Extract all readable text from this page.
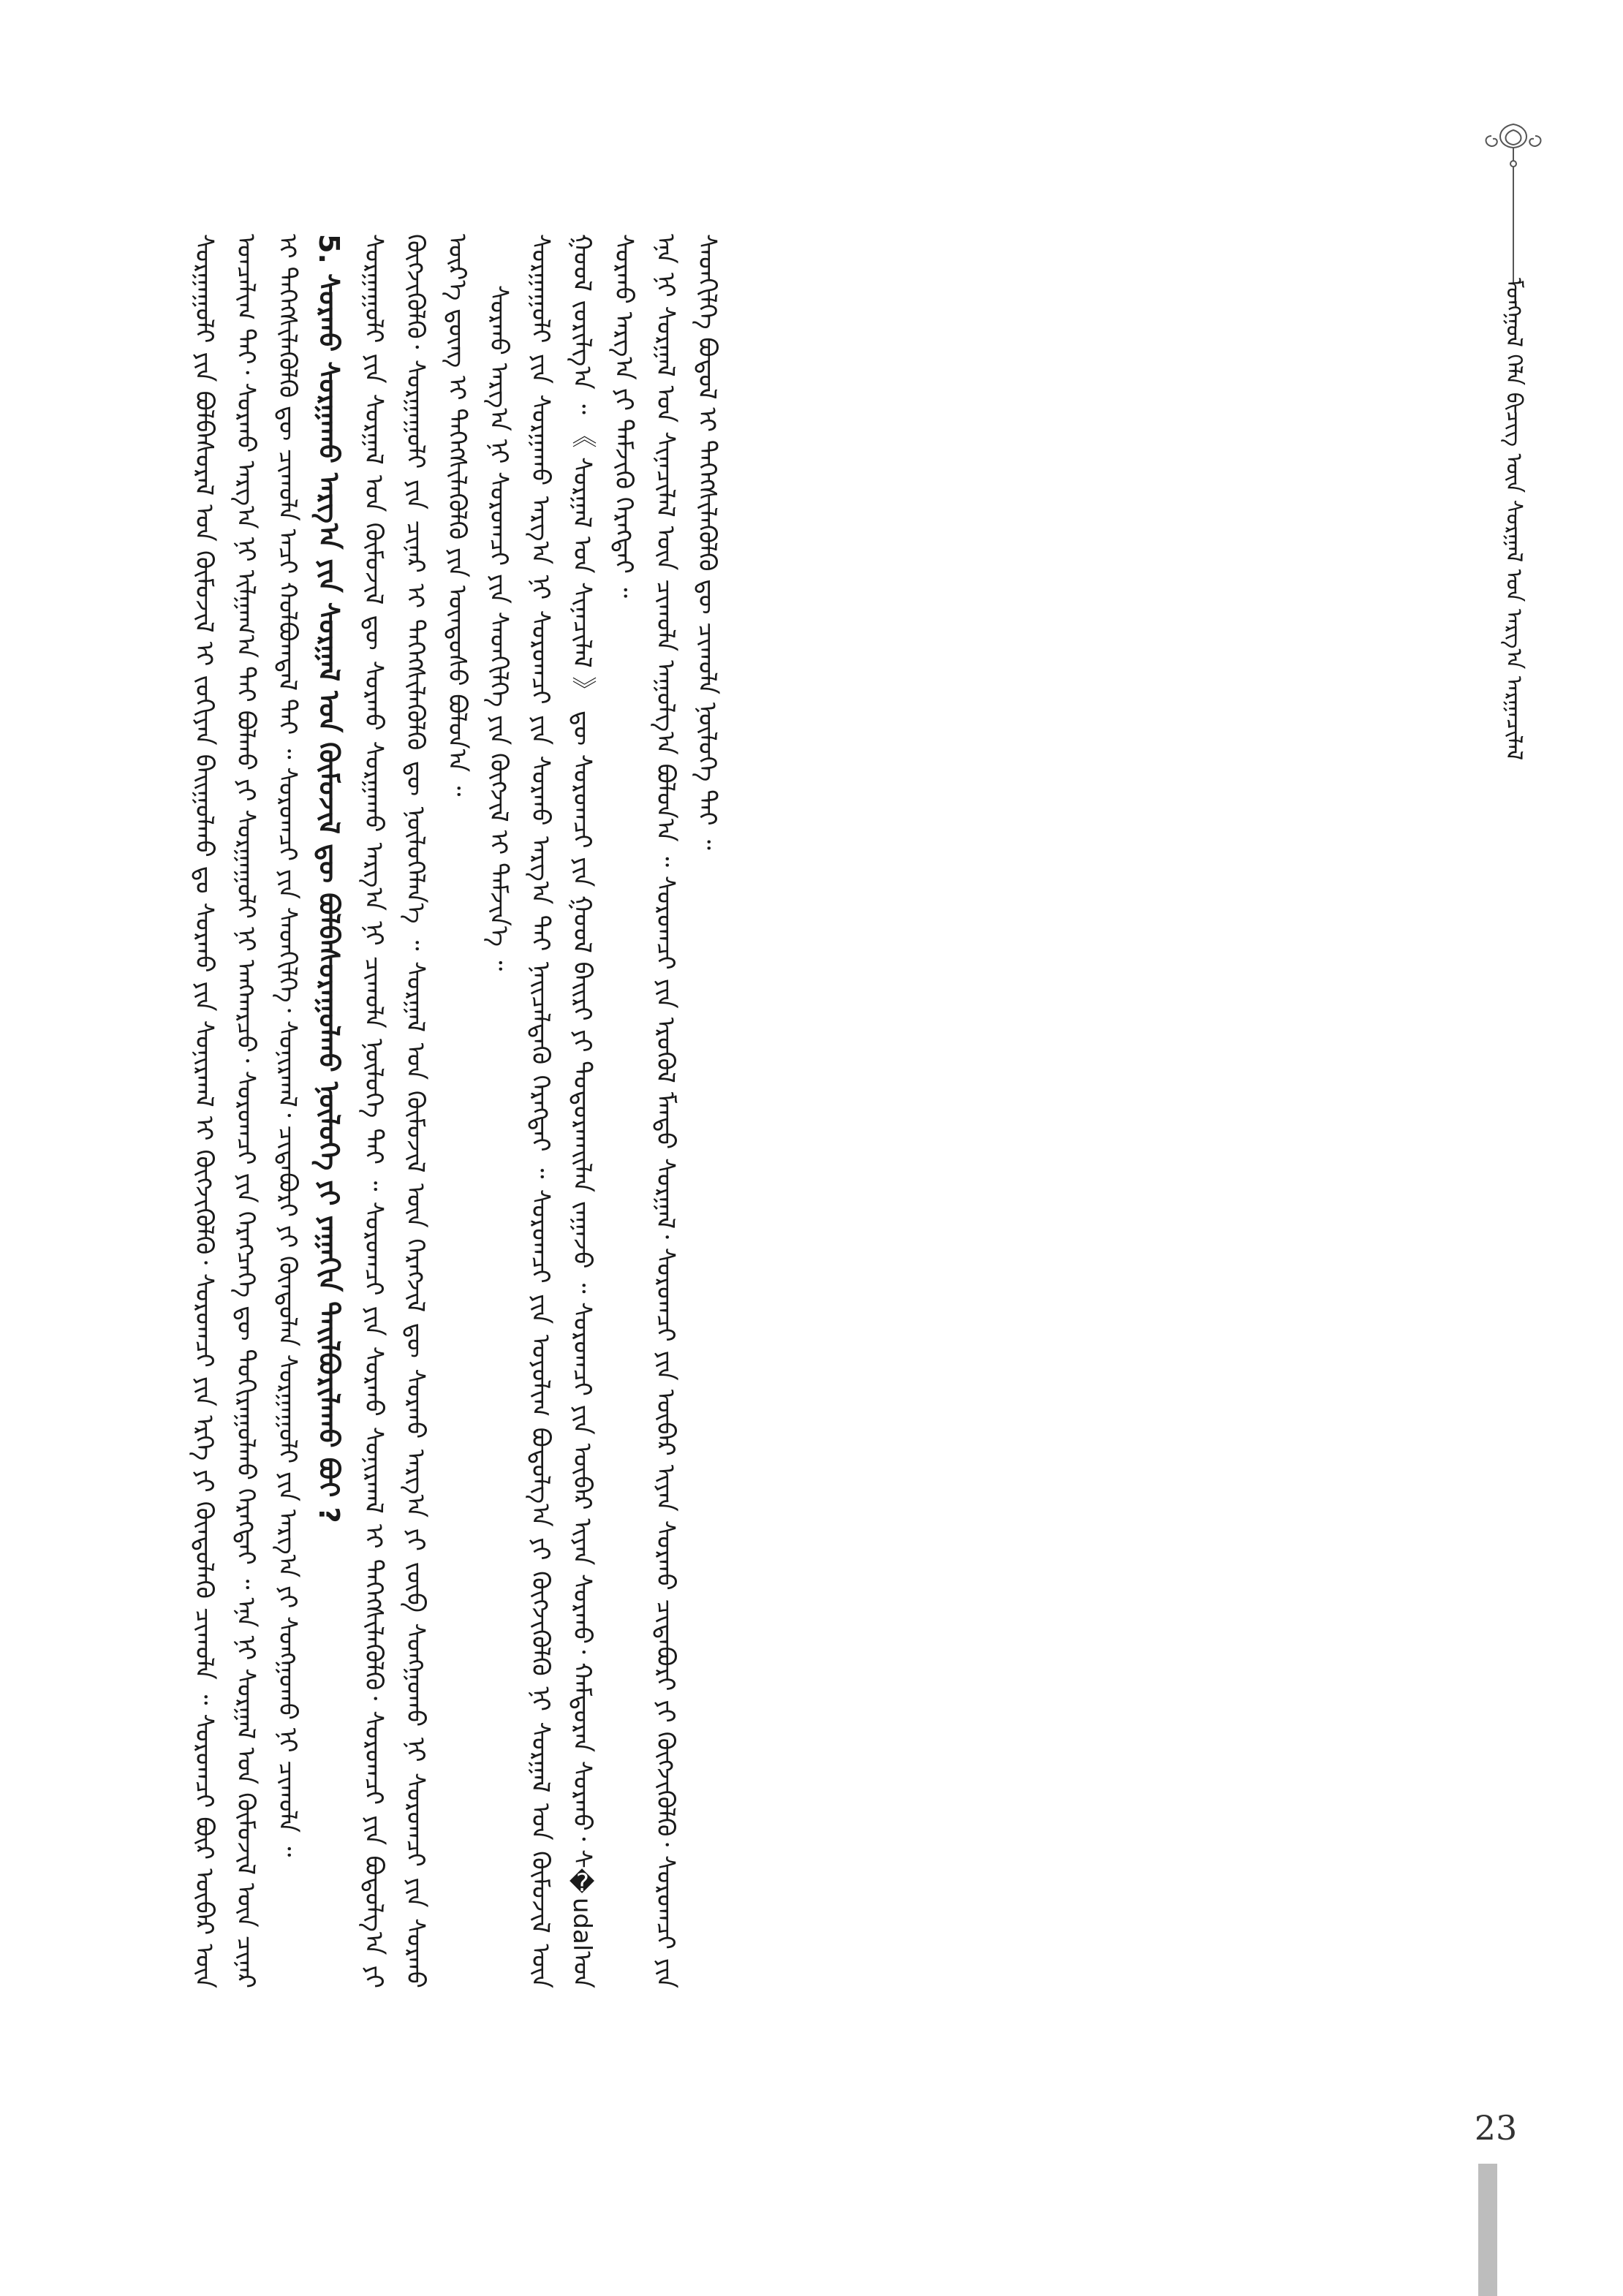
ᠮᠣᠩᠭᠣᠯ ᠬᠡᠯᠡ ᠪᠢᠴᠢᠭ ᠦᠨ ᠰᠤᠷᠭᠠᠯ ᠤᠨ ᠠᠷᠭ᠎ᠠ ᠠᠷᠭᠠᠴᠢᠯᠠᠯ

ᠰᠤᠷᠭᠠᠭᠤᠯᠢ ᠶᠢᠨ ᠪᠣᠯᠪᠠᠰᠤᠷᠠᠯ ᠤᠨ ᠬᠦᠮᠦᠵᠢᠯ ᠢ ᠵᠣᠬᠢᠶᠠᠨ ᠪᠠᠢᠭᠤᠯᠬᠤ ᠳᠤ ᠰᠤᠷᠬᠤ ᠶᠢᠨ ᠰᠣᠨᠢᠷᠬᠠᠯ ᠢ ᠬᠥᠭᠵᠢᠭᠦᠯᠬᠦ᠂ ᠰᠤᠷᠤᠭᠴᠢ ᠶᠢᠨ ᠡᠷᠬᠡ ᠶᠢ ᠬᠦᠨᠳᠦᠯᠡᠬᠦ ᠴᠢᠬᠤᠯᠠ ᠃ ᠰᠤᠷᠤᠭᠴᠢ ᠪᠦᠷ ᠥᠪᠡᠷ ᠦᠨ ᠣᠨᠴᠠᠯᠢᠭ ᠲᠠᠢ᠂ ᠰᠤᠷᠬᠤ ᠠᠷᠭ᠎ᠠ ᠨᠢ ᠢᠯᠭᠠᠭ᠎ᠠ ᠲᠠᠢ ᠪᠣᠯᠬᠤ ᠶᠢ ᠰᠤᠷᠭᠠᠭᠤᠯᠢ ᠨᠢ ᠠᠩᠬᠠᠷᠴᠤ᠂ ᠰᠤᠷᠤᠭᠴᠢ ᠶᠢᠨ ᠬᠡᠷᠡᠭᠴᠡᠭᠡ ᠳᠦ ᠲᠣᠬᠢᠷᠠᠭᠤᠯᠬᠤ ᠬᠡᠷᠡᠭᠲᠡᠢ ᠃ ᠡᠨᠡ ᠨᠢ ᠰᠤᠷᠭᠠᠯ ᠤᠨ ᠬᠦᠮᠦᠵᠢᠯ ᠦᠨ ᠴᠢᠨᠠᠷ ᠢ ᠳᠡᠭᠡᠭᠰᠢᠯᠡᠭᠦᠯᠬᠦ ᠳᠦ ᠴᠢᠬᠤᠯᠠ ᠠᠴᠢ ᠬᠣᠯᠪᠣᠭᠳᠠᠯ ᠲᠠᠢ ᠃ ᠰᠤᠷᠤᠭᠴᠢ ᠶᠢᠨ ᠰᠡᠳᠬᠢᠯᠭᠡ᠂ ᠰᠣᠨᠢᠷᠬᠠᠯ᠂ ᠴᠢᠳᠠᠪᠤᠷᠢ ᠶᠢ ᠬᠦᠨᠳᠦᠯᠡᠨ ᠰᠤᠷᠭᠠᠭᠤᠯᠢ ᠶᠢᠨ ᠠᠷᠭ᠎ᠠ ᠶᠢ ᠰᠣᠩᠭᠣᠬᠤ ᠨᠢ ᠴᠢᠬᠤᠯᠠ ᠃ 5. ᠰᠤᠷᠬᠤ ᠰᠤᠷᠭᠠᠬᠤ ᠠᠷᠭ᠎ᠠ ᠶᠢᠨ ᠰᠤᠷᠭᠠᠯ ᠤᠨ ᠬᠦᠮᠦᠵᠢᠯ ᠳᠦ ᠪᠣᠯᠪᠠᠰᠤᠷᠠᠭᠤᠯᠬᠤ ᠨᠥᠯᠥᠭᠡ ᠶᠢ ᠶᠠᠭᠠᠬᠢᠨ ᠲᠠᠢᠯᠪᠤᠷᠢᠯᠠᠬᠤ ᠪᠤᠢ ? ᠰᠤᠷᠭᠠᠭᠤᠯᠢ ᠶᠢᠨ ᠰᠤᠷᠭᠠᠯ ᠤᠨ ᠬᠦᠮᠦᠵᠢᠯ ᠳᠦ ᠰᠤᠷᠬᠤ ᠰᠤᠷᠭᠠᠬᠤ ᠠᠷᠭ᠎ᠠ ᠨᠢ ᠴᠢᠬᠤᠯᠠ ᠨᠥᠯᠥᠭᠡ ᠲᠠᠢ ᠃ ᠰᠤᠷᠤᠭᠴᠢ ᠶᠢᠨ ᠰᠤᠷᠬᠤ ᠰᠣᠨᠢᠷᠬᠠᠯ ᠢ ᠳᠡᠭᠡᠭᠰᠢᠯᠡᠭᠦᠯᠬᠦ᠂ ᠰᠤᠷᠤᠭᠴᠢ ᠶᠢᠨ ᠪᠣᠳᠤᠯᠭ᠎ᠠ ᠶᠢ ᠬᠥᠭᠵᠢᠭᠦᠯᠬᠦ᠂ ᠰᠤᠷᠭᠠᠭᠤᠯᠢ ᠶᠢᠨ ᠴᠢᠨᠠᠷ ᠢ ᠳᠡᠭᠡᠭᠰᠢᠯᠡᠭᠦᠯᠬᠦ ᠳᠦ ᠨᠥᠯᠥᠭᠡᠯᠡᠨ᠎ᠡ ᠃ ᠰᠤᠷᠭᠠᠯ ᠤᠨ ᠬᠦᠮᠦᠵᠢᠯ ᠦᠨ ᠬᠡᠷᠡᠭᠵᠢᠯ ᠳᠦ ᠰᠤᠷᠬᠤ ᠠᠷᠭ᠎ᠠ ᠶᠢ ᠵᠥᠪ ᠰᠣᠩᠭᠣᠬᠤ ᠨᠢ ᠰᠤᠷᠤᠭᠴᠢ ᠶᠢᠨ ᠰᠤᠷᠬᠤ ᠦᠷ᠎ᠡ ᠳ᠋ᠦᠩ ᠢ ᠳᠡᠭᠡᠭᠰᠢᠯᠡᠭᠦᠯᠬᠦ ᠶᠢᠨ ᠦᠨᠳᠦᠰᠦ ᠪᠣᠯᠤᠨ᠎ᠠ ᠃ ᠰᠤᠷᠬᠤ ᠠᠷᠭ᠎ᠠ ᠨᠢ ᠰᠤᠷᠤᠭᠴᠢ ᠶᠢᠨ ᠰᠡᠳᠬᠢᠯᠭᠡ ᠶᠢᠨ ᠬᠥᠭᠵᠢᠯ ᠢ ᠳᠡᠮᠵᠢᠨ᠎ᠡ ᠃ ᠰᠤᠷᠭᠠᠭᠤᠯᠢ ᠶᠢᠨ ᠰᠤᠷᠭᠠᠬᠤ ᠠᠷᠭ᠎ᠠ ᠨᠢ ᠰᠤᠷᠤᠭᠴᠢ ᠶᠢᠨ ᠰᠤᠷᠬᠤ ᠠᠷᠭ᠎ᠠ ᠲᠠᠢ ᠨᠡᠢᠴᠡᠯᠳᠡᠬᠦ ᠬᠡᠷᠡᠭᠲᠡᠢ ᠃ ᠰᠤᠷᠤᠭᠴᠢ ᠶᠢᠨ ᠤᠶᠤᠯᠢᠭ ᠪᠣᠳᠤᠯᠭ᠎ᠠ ᠶᠢ ᠬᠥᠭᠵᠢᠭᠦᠯᠬᠦ ᠨᠢ ᠰᠤᠷᠭᠠᠯ ᠤᠨ ᠬᠦᠮᠦᠵᠢᠯ ᠦᠨ ᠭᠣᠣᠯ ᠵᠣᠷᠢᠯᠭ᠎ᠠ ᠃ 《 ᠰᠤᠷᠭᠠᠯ ᠤᠨ ᠰᠢᠨᠡᠴᠢᠯᠡᠯ 》 ᠳᠦ ᠰᠤᠷᠤᠭᠴᠢ ᠶᠢᠨ ᠭᠣᠣᠯ ᠪᠠᠢᠷᠢ ᠶᠢ ᠲᠣᠳᠣᠷᠬᠠᠢᠯᠠᠨ ᠵᠠᠭᠠᠵᠤ ᠃ ᠰᠤᠷᠤᠭᠴᠢ ᠶᠢᠨ ᠥᠪᠡᠷ ᠢᠶᠡᠨ ᠰᠤᠷᠬᠤ᠂ ᠬᠠᠮᠲᠤᠷᠠᠨ ᠰᠤᠷᠬᠤ᠂ ᠰ�udalᠤᠨ ᠰᠤᠷᠬᠤ ᠠᠷᠭ᠎ᠠ ᠶᠢ ᠳᠡᠮᠵᠢᠬᠦ ᠬᠡᠷᠡᠭᠲᠡᠢ ᠃ ᠡᠨᠡ ᠨᠢ ᠰᠤᠷᠭᠠᠯ ᠤᠨ ᠰᠢᠨᠡᠴᠢᠯᠡᠯ ᠦᠨ ᠴᠢᠬᠤᠯᠠ ᠠᠭᠤᠯᠭ᠎ᠠ ᠪᠣᠯᠤᠨ᠎ᠠ ᠃ ᠰᠤᠷᠤᠭᠴᠢ ᠶᠢᠨ ᠡᠷᠦᠬᠦᠯ ᠮᠡᠨᠳᠦ ᠰᠤᠷᠭᠠᠯ᠂ ᠰᠤᠷᠤᠭᠴᠢ ᠶᠢᠨ ᠥᠪᠡᠷ ᠢᠶᠡᠨ ᠰᠤᠷᠬᠤ ᠴᠢᠳᠠᠪᠤᠷᠢ ᠶᠢ ᠬᠥᠭᠵᠢᠭᠦᠯᠬᠦ᠂ ᠰᠤᠷᠤᠭᠴᠢ ᠶᠢᠨ ᠰᠡᠳᠬᠢᠯᠭᠡ ᠪᠣᠳᠤᠯ ᠢ ᠳᠡᠭᠡᠭᠰᠢᠯᠡᠭᠦᠯᠬᠦ ᠳᠦ ᠴᠢᠬᠤᠯᠠ ᠨᠥᠯᠥᠭᠡ ᠲᠠᠢ ᠃

23
